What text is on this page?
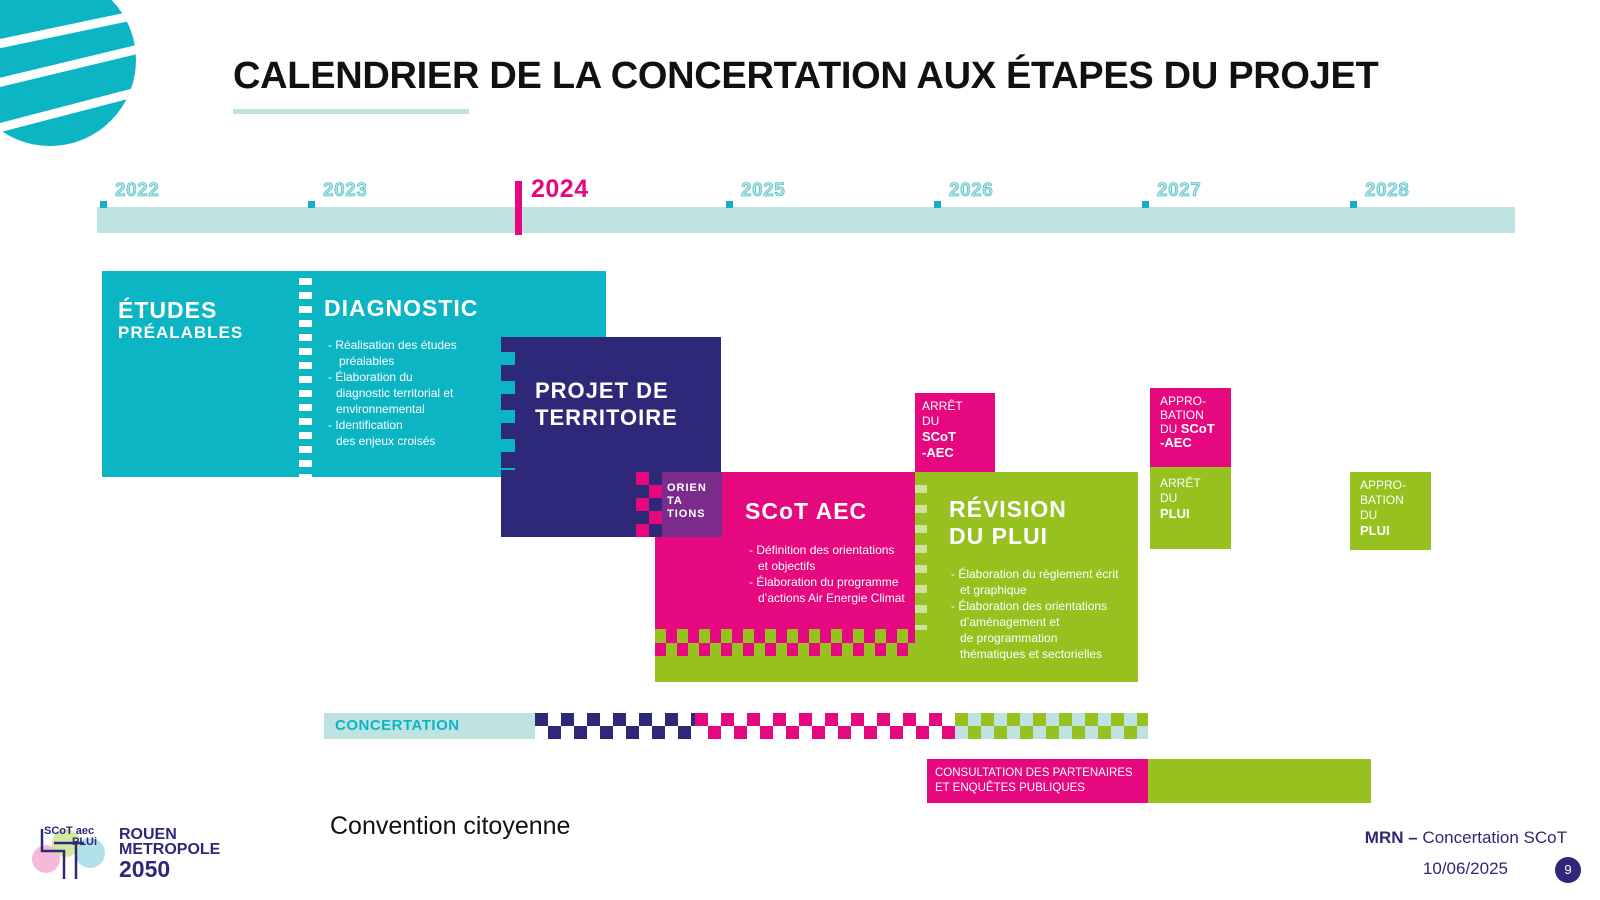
CALENDRIER DE LA CONCERTATION AUX ÉTAPES DU PROJET
2022	2023	2024	2025	2026	2027	2028
ÉTUDES
PRÉALABLES
DIAGNOSTIC
- Réalisation des études
préalables
- Élaboration du
diagnostic territorial et
environnemental
- Identification
des enjeux croisés
PROJET DE
TERRITOIRE
SCoT AEC
- Définition des orientations
et objectifs
- Élaboration du programme
d’actions Air Energie Climat
ORIEN
TA
TIONS	RÉVISION
DU PLUI
- Élaboration du règlement écrit
et graphique
- Élaboration des orientations
d’aménagement et
de programmation
thématiques et sectorielles
ARRÊT
DU
SCoT
-AEC
APPRO-
BATION
DU SCoT
-AEC
ARRÊT
DU
PLUI
APPRO-
BATION
DU
PLUI
CONCERTATION
CONSULTATION DES PARTENAIRES
ET ENQUÊTES PUBLIQUES
Convention citoyenne
SCoT aec
PLUi ROUEN
METROPOLE
2050
MRN – Concertation SCoT
10/06/2025	9
